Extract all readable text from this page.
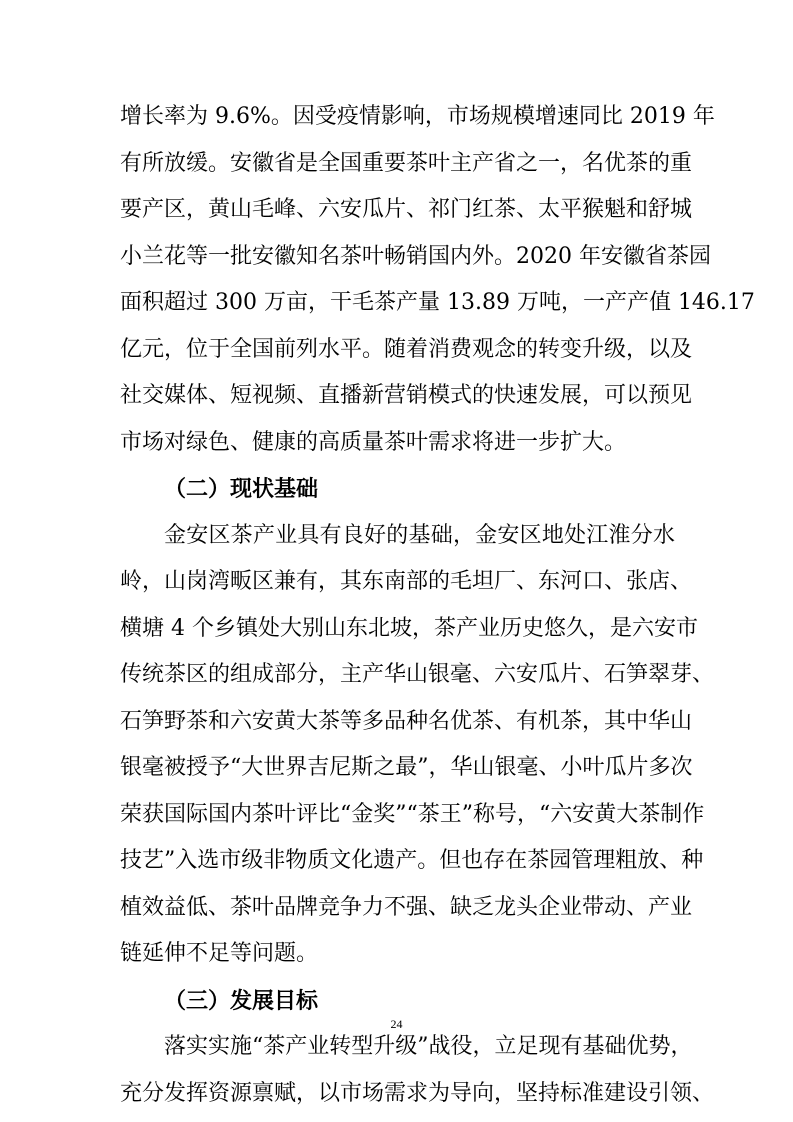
增长率为 9.6%。因受疫情影响，市场规模增速同比 2019 年
有所放缓。安徽省是全国重要茶叶主产省之一，名优茶的重
要产区，黄山毛峰、六安瓜片、祁门红茶、太平猴魁和舒城
小兰花等一批安徽知名茶叶畅销国内外。2020 年安徽省茶园
面积超过 300 万亩，干毛茶产量 13.89 万吨，一产产值 146.17
亿元，位于全国前列水平。随着消费观念的转变升级，以及
社交媒体、短视频、直播新营销模式的快速发展，可以预见
市场对绿色、健康的高质量茶叶需求将进一步扩大。
（二）现状基础
金安区茶产业具有良好的基础，金安区地处江淮分水
岭，山岗湾畈区兼有，其东南部的毛坦厂、东河口、张店、
横塘 4 个乡镇处大别山东北坡，茶产业历史悠久，是六安市
传统茶区的组成部分，主产华山银毫、六安瓜片、石笋翠芽、
石笋野茶和六安黄大茶等多品种名优茶、有机茶，其中华山
银毫被授予“大世界吉尼斯之最”，华山银毫、小叶瓜片多次
荣获国际国内茶叶评比“金奖”“茶王”称号，“六安黄大茶制作
技艺”入选市级非物质文化遗产。但也存在茶园管理粗放、种
植效益低、茶叶品牌竞争力不强、缺乏龙头企业带动、产业
链延伸不足等问题。
（三）发展目标
落实实施“茶产业转型升级”战役，立足现有基础优势，
充分发挥资源禀赋，以市场需求为导向，坚持标准建设引领、
24
